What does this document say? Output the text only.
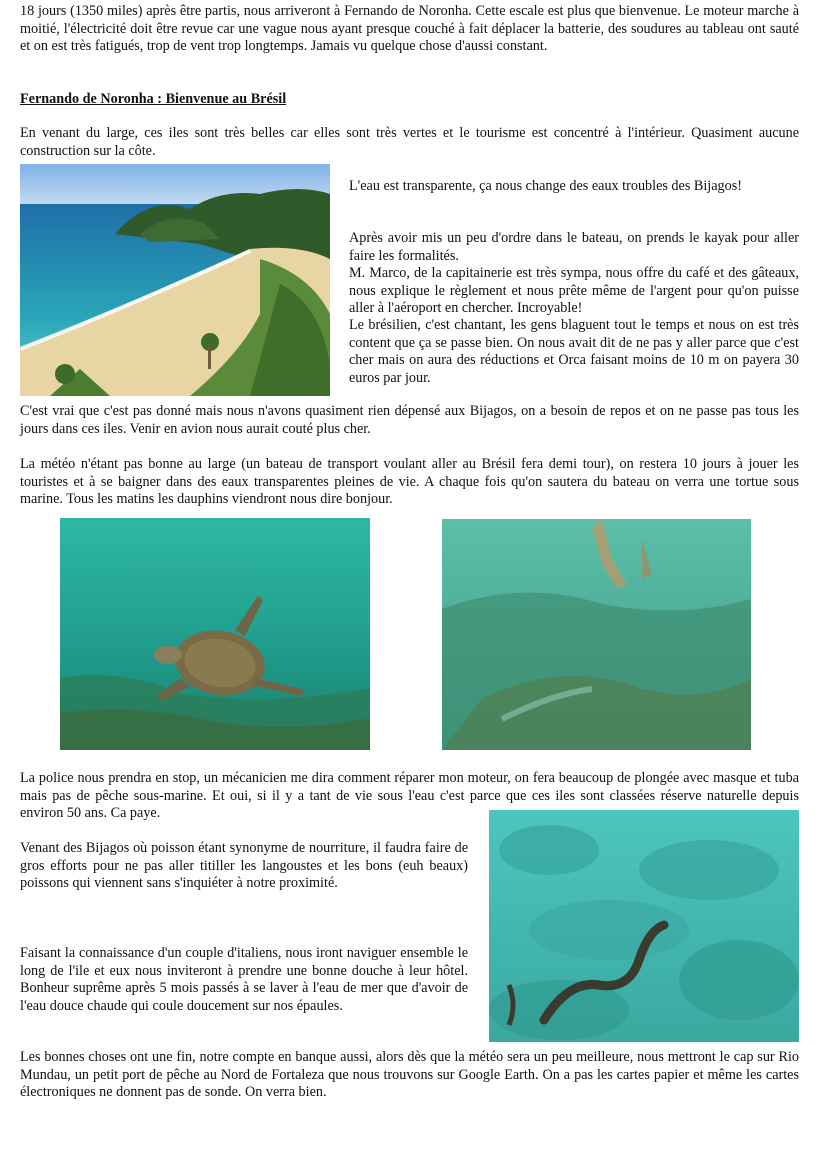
18 jours (1350 miles) après être partis, nous arriveront à Fernando de Noronha. Cette escale est plus que bienvenue. Le moteur marche à moitié, l'électricité doit être revue car une vague nous ayant presque couché à fait déplacer la batterie, des soudures au tableau ont sauté et on est très fatigués, trop de vent trop longtemps. Jamais vu quelque chose d'aussi constant.

Fernando de Noronha : Bienvenue au Brésil

En venant du large, ces iles sont très belles car elles sont très vertes et le tourisme est concentré à l'intérieur. Quasiment aucune construction sur la côte.

L'eau est transparente, ça nous change des eaux troubles des Bijagos!

Après avoir mis un peu d'ordre dans le bateau, on prends le kayak pour aller faire les formalités.

M. Marco, de la capitainerie est très sympa, nous offre du café et des gâteaux, nous explique le règlement et nous prête même de l'argent pour qu'on puisse aller à l'aéroport en chercher. Incroyable!

Le brésilien, c'est chantant, les gens blaguent tout le temps et nous on est très content que ça se passe bien. On nous avait dit de ne pas y aller parce que c'est cher mais on aura des réductions et Orca faisant moins de 10 m on payera 30 euros par jour.

C'est vrai que c'est pas donné mais nous n'avons quasiment rien dépensé aux Bijagos, on a besoin de repos et on ne passe pas tous les jours dans ces iles. Venir en avion nous aurait couté plus cher.

La météo n'étant pas bonne au large (un bateau de transport voulant aller au Brésil fera demi tour), on restera 10 jours à jouer les touristes et à se baigner dans des eaux transparentes pleines de vie. A chaque fois qu'on sautera du bateau on verra une tortue sous marine. Tous les matins les dauphins viendront nous dire bonjour.

La police nous prendra en stop, un mécanicien me dira comment réparer mon moteur, on fera beaucoup de plongée avec masque et tuba mais pas de pêche sous-marine. Et oui, si il y a tant de vie sous l'eau c'est parce que ces iles sont classées réserve naturelle depuis environ 50 ans. Ca paye.

Venant des Bijagos où poisson étant synonyme de nourriture, il faudra faire de gros efforts pour ne pas aller titiller les langoustes et les bons (euh beaux) poissons qui viennent sans s'inquiéter à notre proximité.

Faisant la connaissance d'un couple d'italiens, nous iront naviguer ensemble le long de l'ile et eux nous inviteront à prendre une bonne douche à leur hôtel. Bonheur suprême après 5 mois passés à se laver à l'eau de mer que d'avoir de l'eau douce chaude qui coule doucement sur nos épaules.

Les bonnes choses ont une fin, notre compte en banque aussi, alors dès que la météo sera un peu meilleure, nous mettront le cap sur Rio Mundau, un petit port de pêche au Nord de Fortaleza que nous trouvons sur Google Earth. On a pas les cartes papier et même les cartes électroniques ne donnent pas de sonde. On verra bien.
